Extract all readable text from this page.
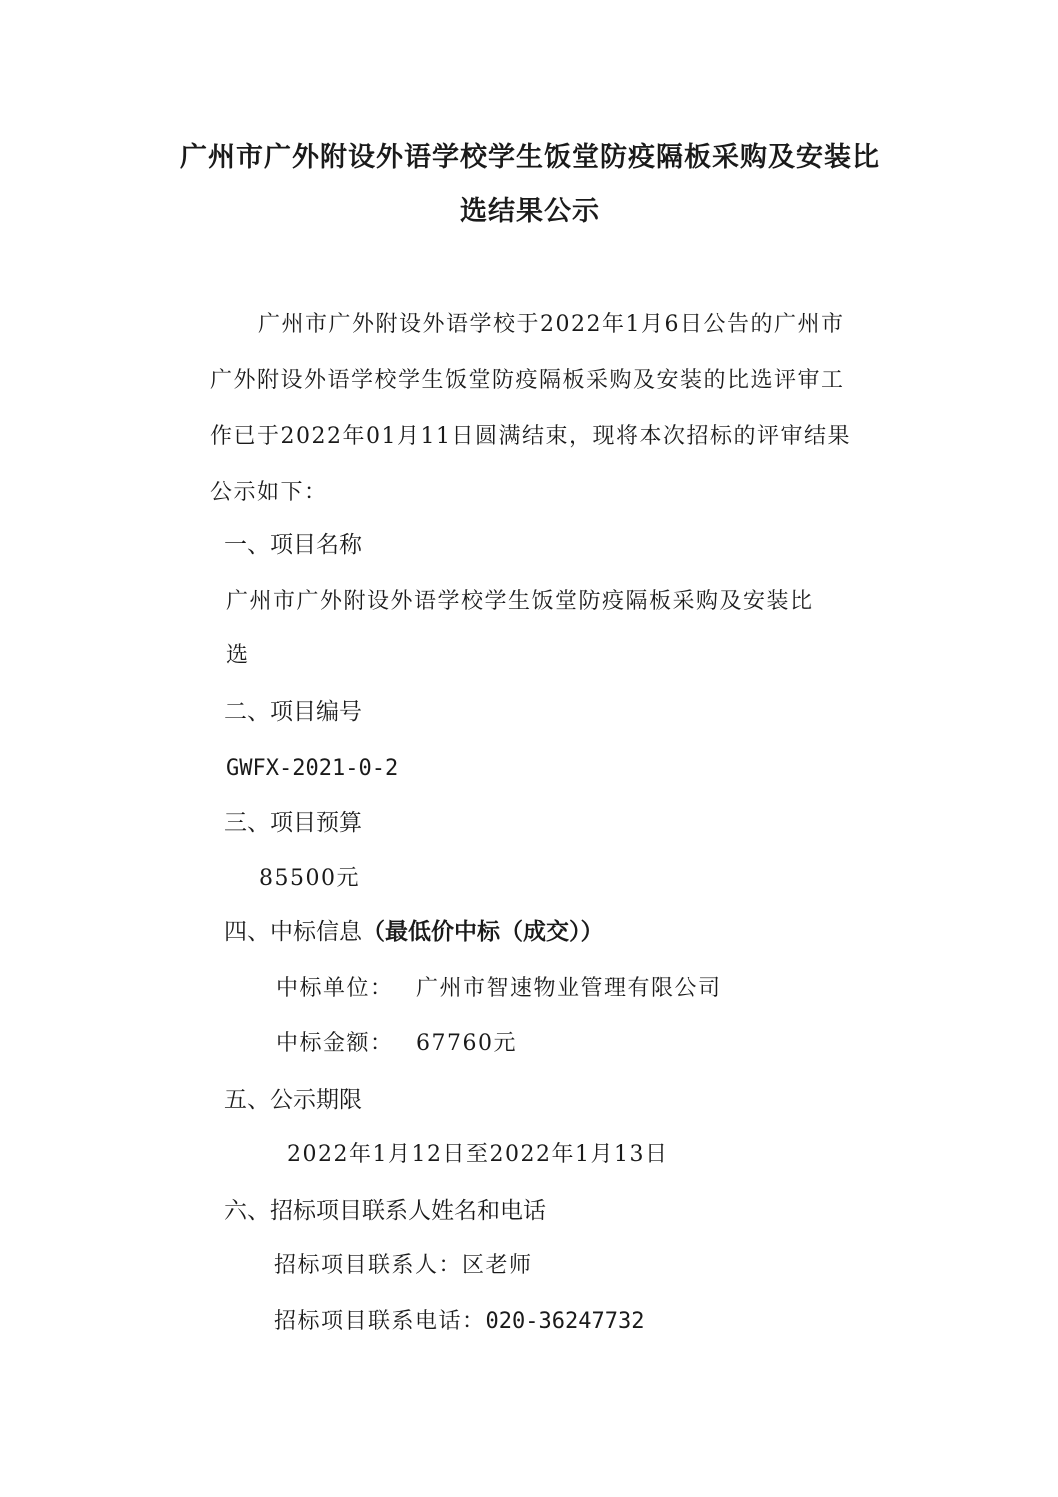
广州市广外附设外语学校学生饭堂防疫隔板采购及安装比
选结果公示
广州市广外附设外语学校于2022年1月6日公告的广州市
广外附设外语学校学生饭堂防疫隔板采购及安装的比选评审工
作已于2022年01月11日圆满结束，现将本次招标的评审结果
公示如下：
一、项目名称
广州市广外附设外语学校学生饭堂防疫隔板采购及安装比
选
二、项目编号
GWFX-2021-0-2
三、项目预算
85500元
四、中标信息（最低价中标（成交））
中标单位： 广州市智速物业管理有限公司
中标金额： 67760元
五、公示期限
2022年1月12日至2022年1月13日
六、招标项目联系人姓名和电话
招标项目联系人：区老师
招标项目联系电话：020-36247732
